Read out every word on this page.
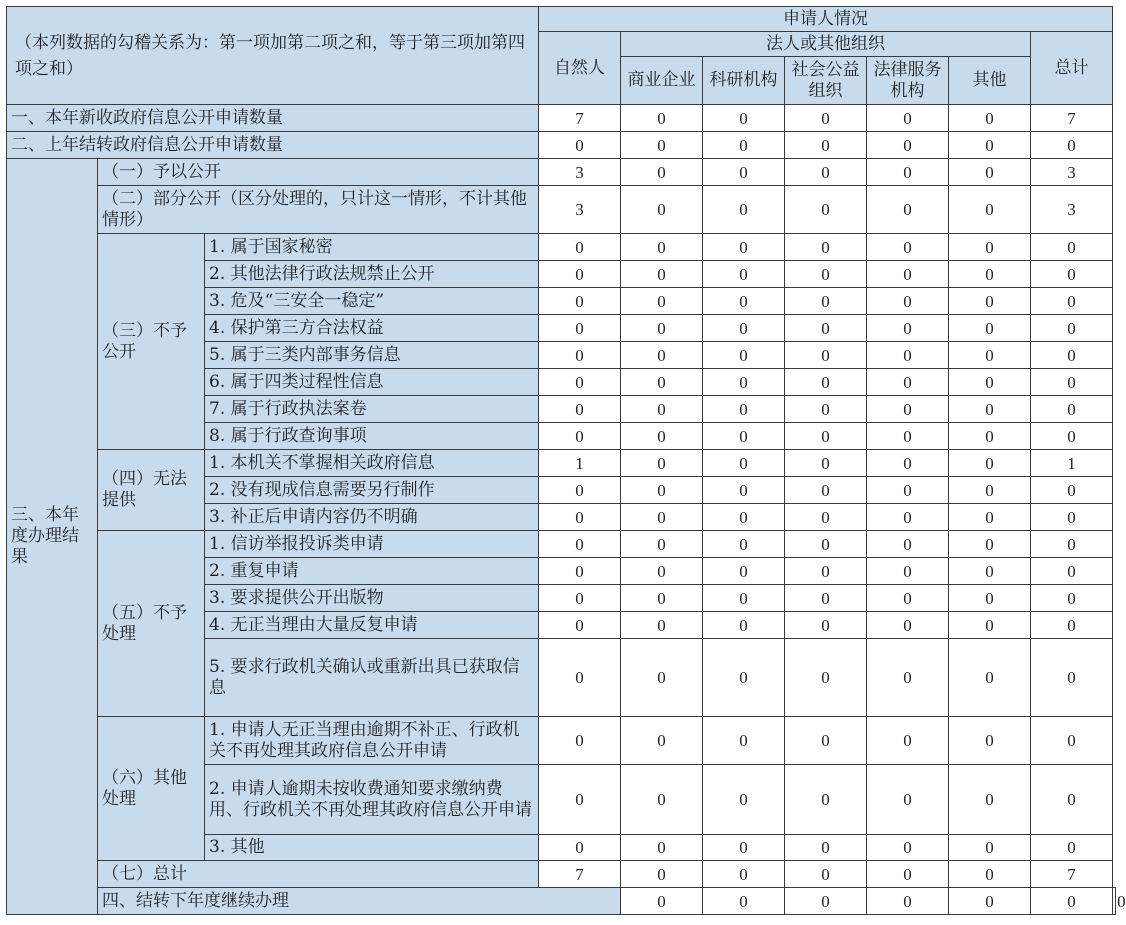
（本列数据的勾稽关系为：第一项加第二项之和，等于第三项加第四项之和）			申请人情况							
			自然人	法人或其他组织					总计	
				商业企业	科研机构	社会公益组织	法律服务机构	其他		
一、本年新收政府信息公开申请数量			7	0	0	0	0	0	7	
二、上年结转政府信息公开申请数量			0	0	0	0	0	0	0	
三、本年度办理结果	（一）予以公开		3	0	0	0	0	0	3	
	（二）部分公开（区分处理的，只计这一情形，不计其他情形）		3	0	0	0	0	0	3	
	（三）不予公开	1. 属于国家秘密	0	0	0	0	0	0	0	
		2. 其他法律行政法规禁止公开	0	0	0	0	0	0	0	
		3. 危及“三安全一稳定”	0	0	0	0	0	0	0	
		4. 保护第三方合法权益	0	0	0	0	0	0	0	
		5. 属于三类内部事务信息	0	0	0	0	0	0	0	
		6. 属于四类过程性信息	0	0	0	0	0	0	0	
		7. 属于行政执法案卷	0	0	0	0	0	0	0	
		8. 属于行政查询事项	0	0	0	0	0	0	0	
	（四）无法提供	1. 本机关不掌握相关政府信息	1	0	0	0	0	0	1	
		2. 没有现成信息需要另行制作	0	0	0	0	0	0	0	
		3. 补正后申请内容仍不明确	0	0	0	0	0	0	0	
	（五）不予处理	1. 信访举报投诉类申请	0	0	0	0	0	0	0	
		2. 重复申请	0	0	0	0	0	0	0	
		3. 要求提供公开出版物	0	0	0	0	0	0	0	
		4. 无正当理由大量反复申请	0	0	0	0	0	0	0	
		5. 要求行政机关确认或重新出具已获取信息	0	0	0	0	0	0	0	
	（六）其他处理	1. 申请人无正当理由逾期不补正、行政机关不再处理其政府信息公开申请	0	0	0	0	0	0	0	
		2. 申请人逾期未按收费通知要求缴纳费用、行政机关不再处理其政府信息公开申请	0	0	0	0	0	0	0	
		3. 其他	0	0	0	0	0	0	0	
	（七）总计		7	0	0	0	0	0	7	
	四、结转下年度继续办理			0	0	0	0	0	0	0
